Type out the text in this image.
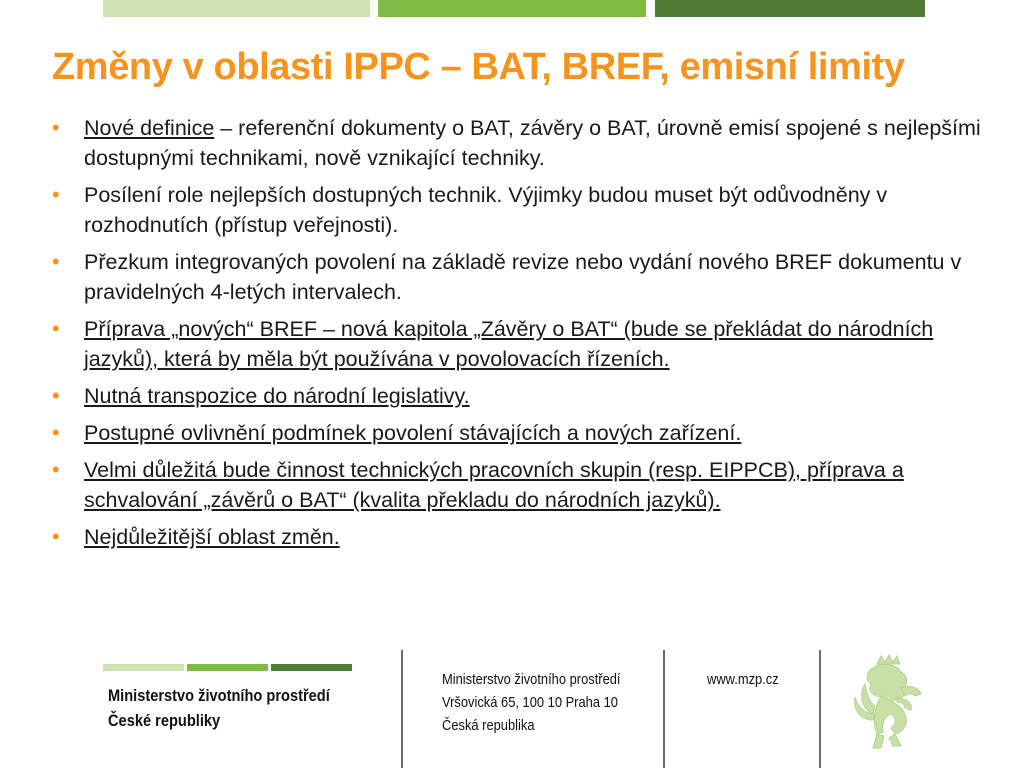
Změny v oblasti IPPC – BAT, BREF, emisní limity
• Nové definice – referenční dokumenty o BAT, závěry o BAT, úrovně emisí spojené s nejlepšími dostupnými technikami, nově vznikající techniky.
• Posílení role nejlepších dostupných technik. Výjimky budou muset být odůvodněny v rozhodnutích (přístup veřejnosti).
• Přezkum integrovaných povolení na základě revize nebo vydání nového BREF dokumentu v pravidelných 4-letých intervalech.
• Příprava „nových“ BREF – nová kapitola „Závěry o BAT“ (bude se překládat do národních jazyků), která by měla být používána v povolovacích řízeních.
• Nutná transpozice do národní legislativy.
• Postupné ovlivnění podmínek povolení stávajících a nových zařízení.
• Velmi důležitá bude činnost technických pracovních skupin (resp. EIPPCB), příprava a schvalování „závěrů o BAT“ (kvalita překladu do národních jazyků).
• Nejdůležitější oblast změn.
Ministerstvo životního prostředí
České republiky
Ministerstvo životního prostředí
Vršovická 65, 100 10 Praha 10
Česká republika
www.mzp.cz
